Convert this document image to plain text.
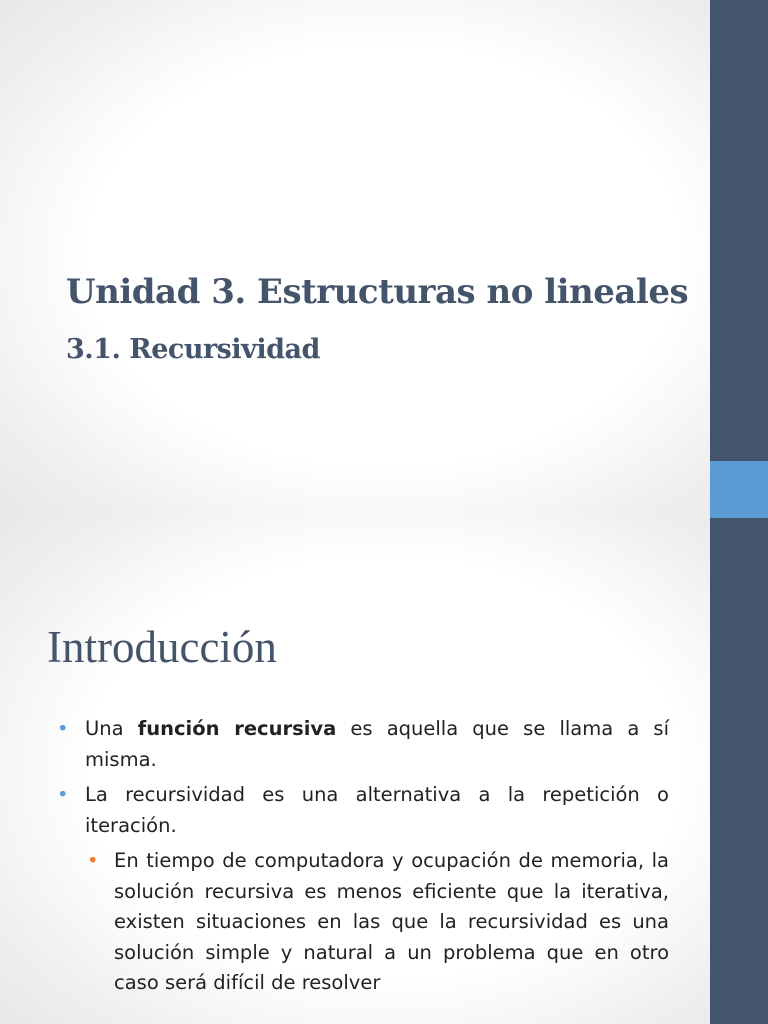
Unidad 3. Estructuras no lineales
3.1. Recursividad
Introducción
• Una función recursiva es aquella que se llama a sí misma.
• La recursividad es una alternativa a la repetición o iteración.
• En tiempo de computadora y ocupación de memoria, la solución recursiva es menos eficiente que la iterativa, existen situaciones en las que la recursividad es una solución simple y natural a un problema que en otro caso será difícil de resolver
